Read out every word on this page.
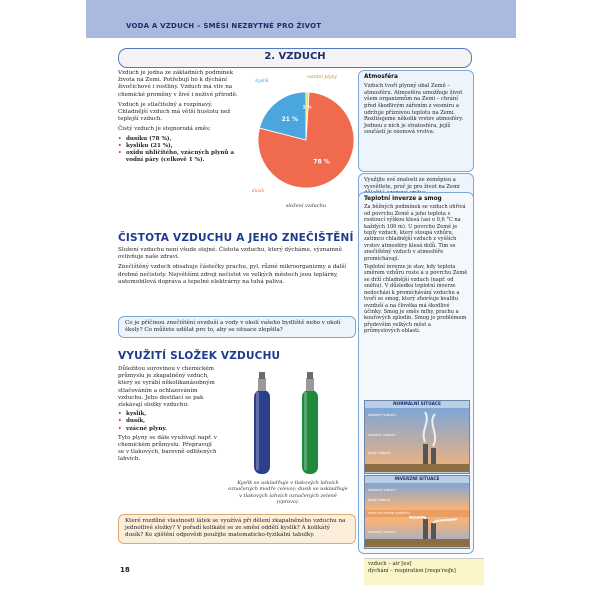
VODA A VZDUCH – SMĚSI NEZBYTNÉ PRO ŽIVOT
2. VZDUCH
Vzduch je jedna ze základních podmínek života na Zemi. Potřebují ho k dýchání živočichové i rostliny. Vzduch má vliv na chemické proměny v živé i neživé přírodě.
Vzduch je stlačitelný a rozpínavý. Chladnější vzduch má větší hustotu než teplejší vzduch.
Čistý vzduch je stejnorodá směs:
• dusíku (78 %),
• kyslíku (21 %),
• oxidu uhličitého, vzácných plynů a vodní páry (celkově 1 %).	78 %
dusík
21 %
kyslík
1 %
ostatní plyny
složení vzduchu
ČISTOTA VZDUCHU A JEHO ZNEČIŠTĚNÍ
Složení vzduchu není všude stejné. Čistota vzduchu, který dýcháme, významně ovlivňuje naše zdraví.
Znečištěný vzduch obsahuje částečky prachu, pyl, různé mikroorganizmy a další drobné nečistoty. Největšími zdroji nečistot ve velkých městech jsou teplárny, automobilová doprava a tepelné elektrárny na tuhá paliva.
Co je příčinou znečištění ovzduší a vody v okolí vašeho bydliště nebo v okolí školy? Co můžete udělat pro to, aby se situace zlepšila?
VYUŽITÍ SLOŽEK VZDUCHU
Důležitou surovinou v chemickém průmyslu je zkapalněný vzduch, který se vyrábí několikanásobným stlačováním a ochlazováním vzduchu. Jeho destilací se pak získávají složky vzduchu:
• kyslík,
• dusík,
• vzácné plyny.
Tyto plyny se dále využívají např. v chemickém průmyslu. Přepravují se v tlakových, barevně odlišených lahvích.
Kyslík se uskladňuje v tlakových lahvích označených modře (vlevo); dusík se uskladňuje v tlakových lahvích označených zeleně (vpravo).
Které rozdílné vlastnosti látek se využívá při dělení zkapalněného vzduchu na jednotlivé složky? V pořadí kolikáté se ze směsi oddělí kyslík? A kolikátý dusík? Ke zjištění odpovědi použijte matematicko-fyzikální tabulky.
Atmosféra
Vzduch tvoří plynný obal Země – atmosféru. Atmosféra umožňuje život všem organizmům na Zemi – chrání před škodlivým zářením z vesmíru a udržuje příznivou teplotu na Zemi. Rozlišujeme několik vrstev atmosféry. Jednou z nich je stratosféra, jejíž součástí je ozonová vrstva.
Využijte své znalosti ze zeměpisu a vysvětlete, proč je pro život na Zemi
Teplotní inverze a smog
Za běžných podmínek se vzduch ohřívá od povrchu Země a jeho teplota s rostoucí výškou klesá (asi o 0,6 °C na každých 100 m). U povrchu Země je teplý vzduch, který stoupá vzhůru, zatímco chladnější vzduch z vyšších vrstev atmosféry klesá dolů. Tím se znečištěný vzduch v atmosféře promíchávají.
Teplotní inverze je stav, kdy teplota směrem vzhůru roste a u povrchu Země se drží chladnější vzduch (např. od sněhu). V důsledku teplotní inverze nedochází k promíchávání vzduchu a tvoří se smog, který zhoršuje kvalitu ovzduší a na člověka má škodlivé účinky. Smog je směs mlhy, prachu a kouřových zplodin. Smog je problémem především velkých měst a průmyslových oblastí.
NORMÁLNÍ SITUACE
studený vzduch
chladný vzduch
teplý vzduch
INVERZNÍ SITUACE
studený vzduch
teplý vzduch
inverzní vrstva vzduchu
studený vzduch
18
vzduch – air [eə]
dýchání – respiration [respɪˈreɪʃn]
